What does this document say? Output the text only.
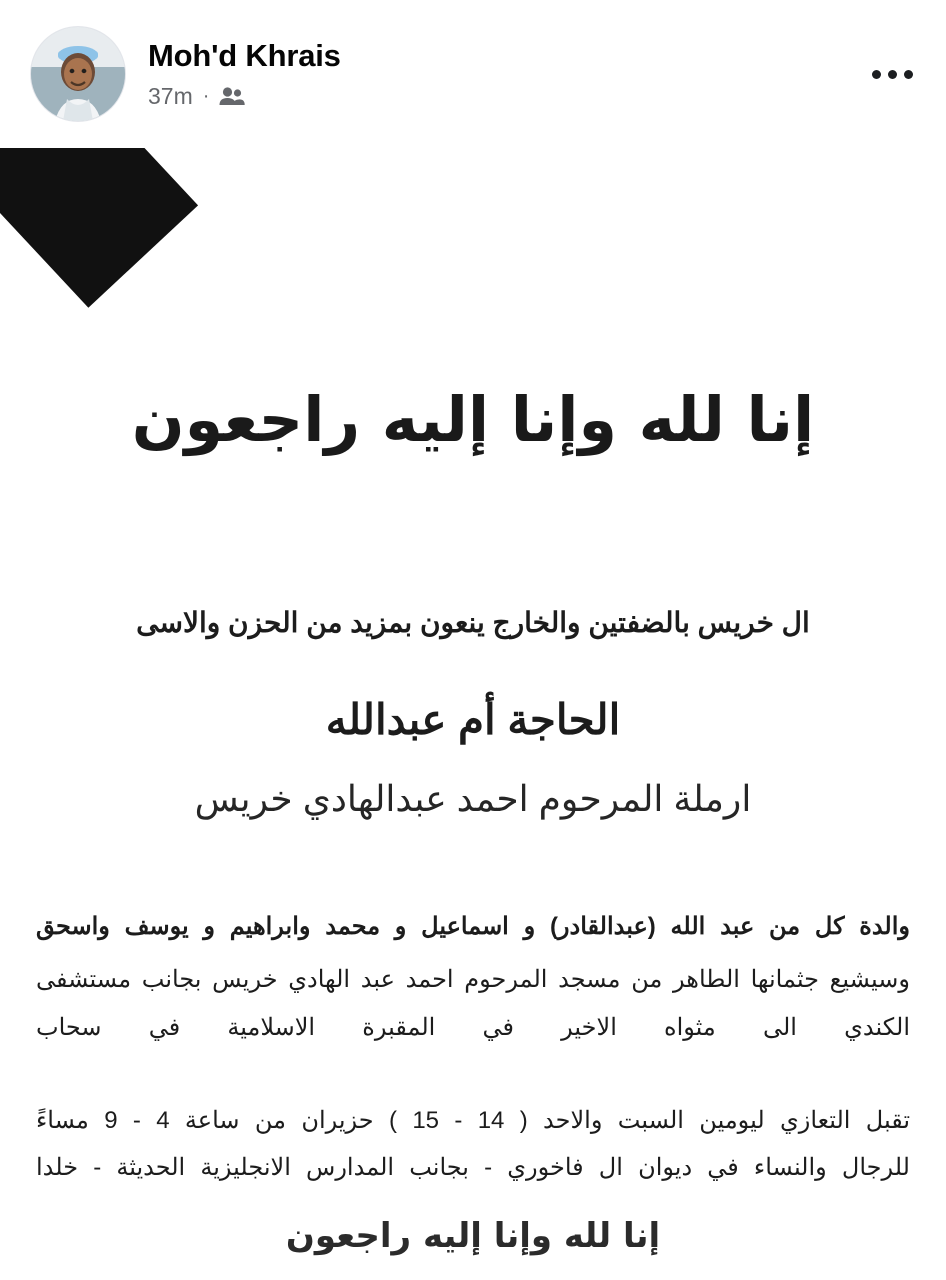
Moh'd Khrais
37m ·
إنا لله وإنا إليه راجعون
ال خريس بالضفتين والخارج ينعون بمزيد من الحزن والاسى
الحاجة أم عبدالله
ارملة المرحوم احمد عبدالهادي خريس
والدة كل من عبد الله (عبدالقادر) و اسماعيل و محمد وابراهيم و يوسف واسحق
وسيشيع جثمانها الطاهر من مسجد المرحوم احمد عبد الهادي خريس بجانب مستشفى الكندي الى مثواه الاخير في المقبرة الاسلامية في سحاب
تقبل التعازي ليومين السبت والاحد ( 14 - 15 ) حزيران من ساعة 4 - 9 مساءً
للرجال والنساء في ديوان ال فاخوري - بجانب المدارس الانجليزية الحديثة - خلدا
إنا لله وإنا إليه راجعون
